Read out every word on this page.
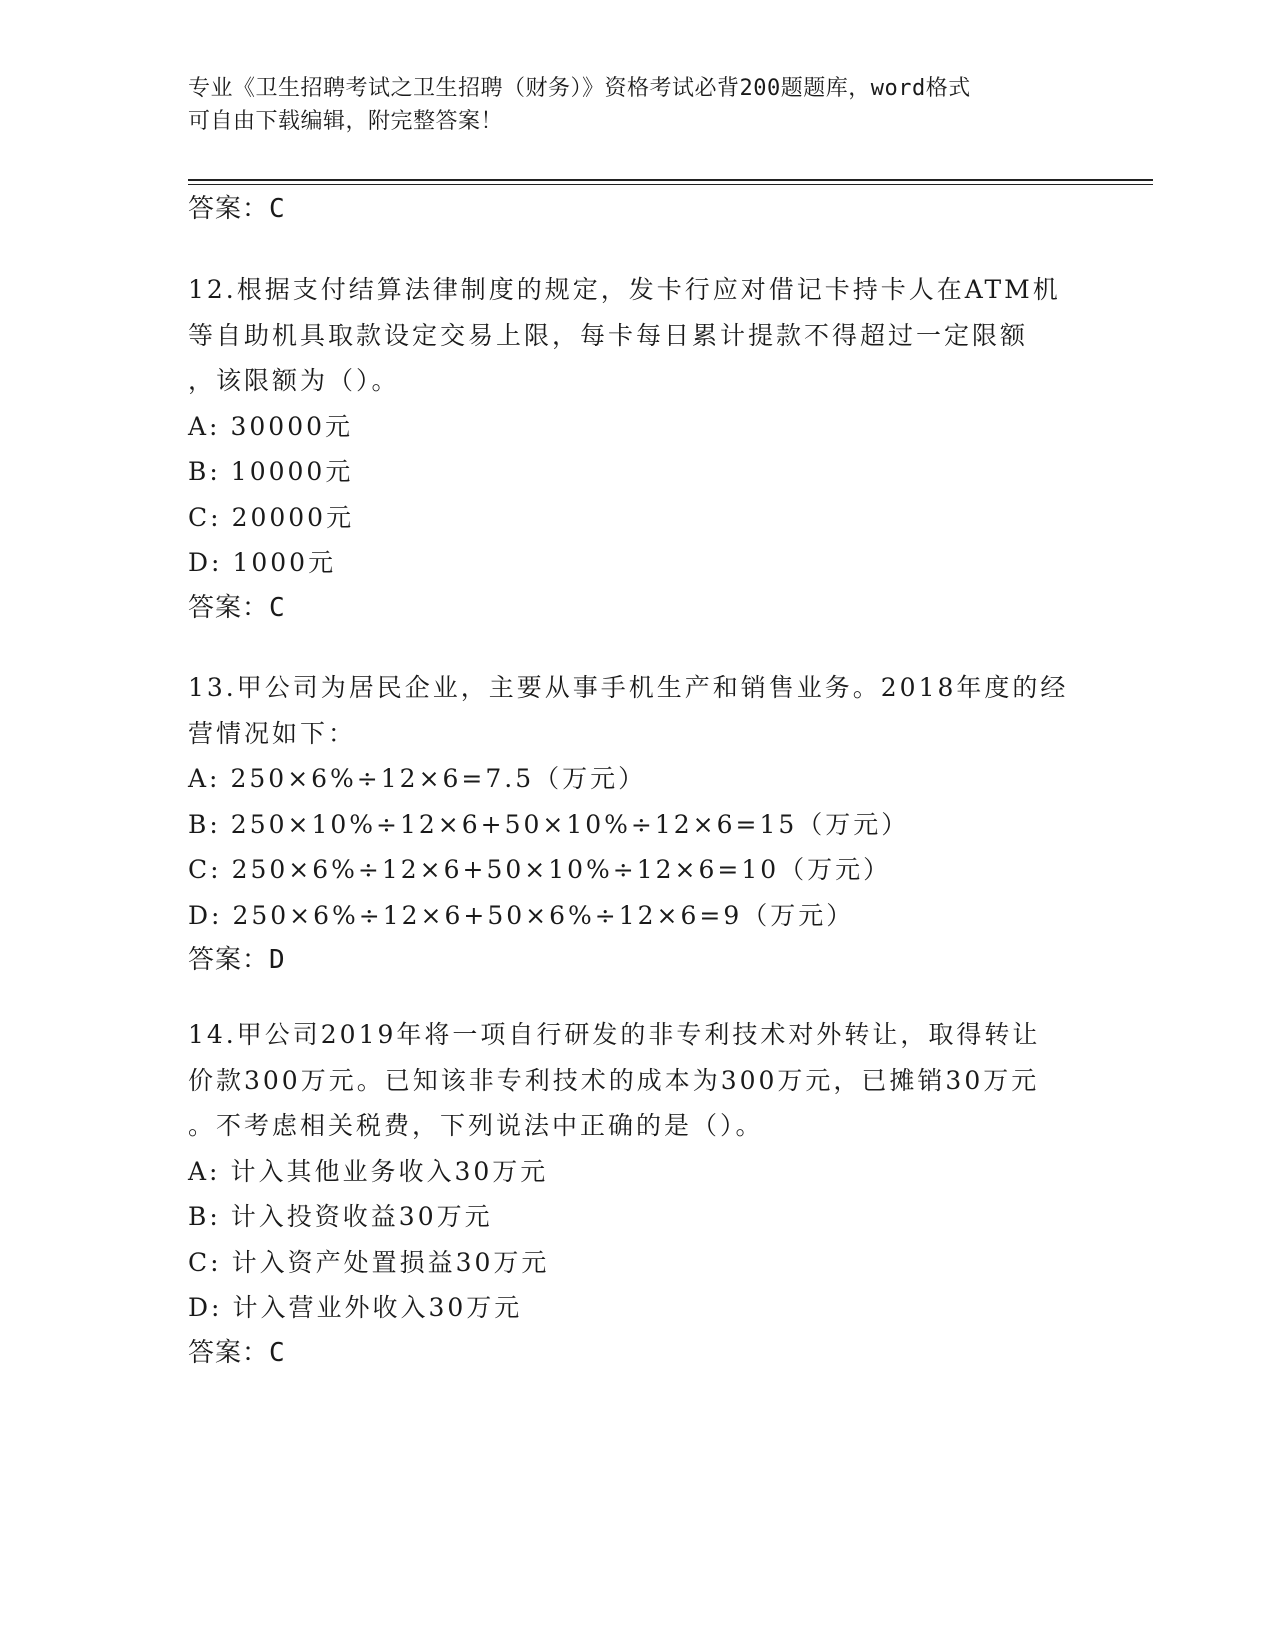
专业《卫生招聘考试之卫生招聘（财务）》资格考试必背200题题库，word格式
可自由下载编辑，附完整答案！
答案：C
12.根据支付结算法律制度的规定，发卡行应对借记卡持卡人在ATM机
等自助机具取款设定交易上限，每卡每日累计提款不得超过一定限额
，该限额为（）。
A: 30000元
B: 10000元
C: 20000元
D: 1000元
答案：C
13.甲公司为居民企业，主要从事手机生产和销售业务。2018年度的经
营情况如下：
A: 250×6%÷12×6=7.5（万元）
B: 250×10%÷12×6+50×10%÷12×6=15（万元）
C: 250×6%÷12×6+50×10%÷12×6=10（万元）
D: 250×6%÷12×6+50×6%÷12×6=9（万元）
答案：D
14.甲公司2019年将一项自行研发的非专利技术对外转让，取得转让
价款300万元。已知该非专利技术的成本为300万元，已摊销30万元
。不考虑相关税费，下列说法中正确的是（）。
A: 计入其他业务收入30万元
B: 计入投资收益30万元
C: 计入资产处置损益30万元
D: 计入营业外收入30万元
答案：C
